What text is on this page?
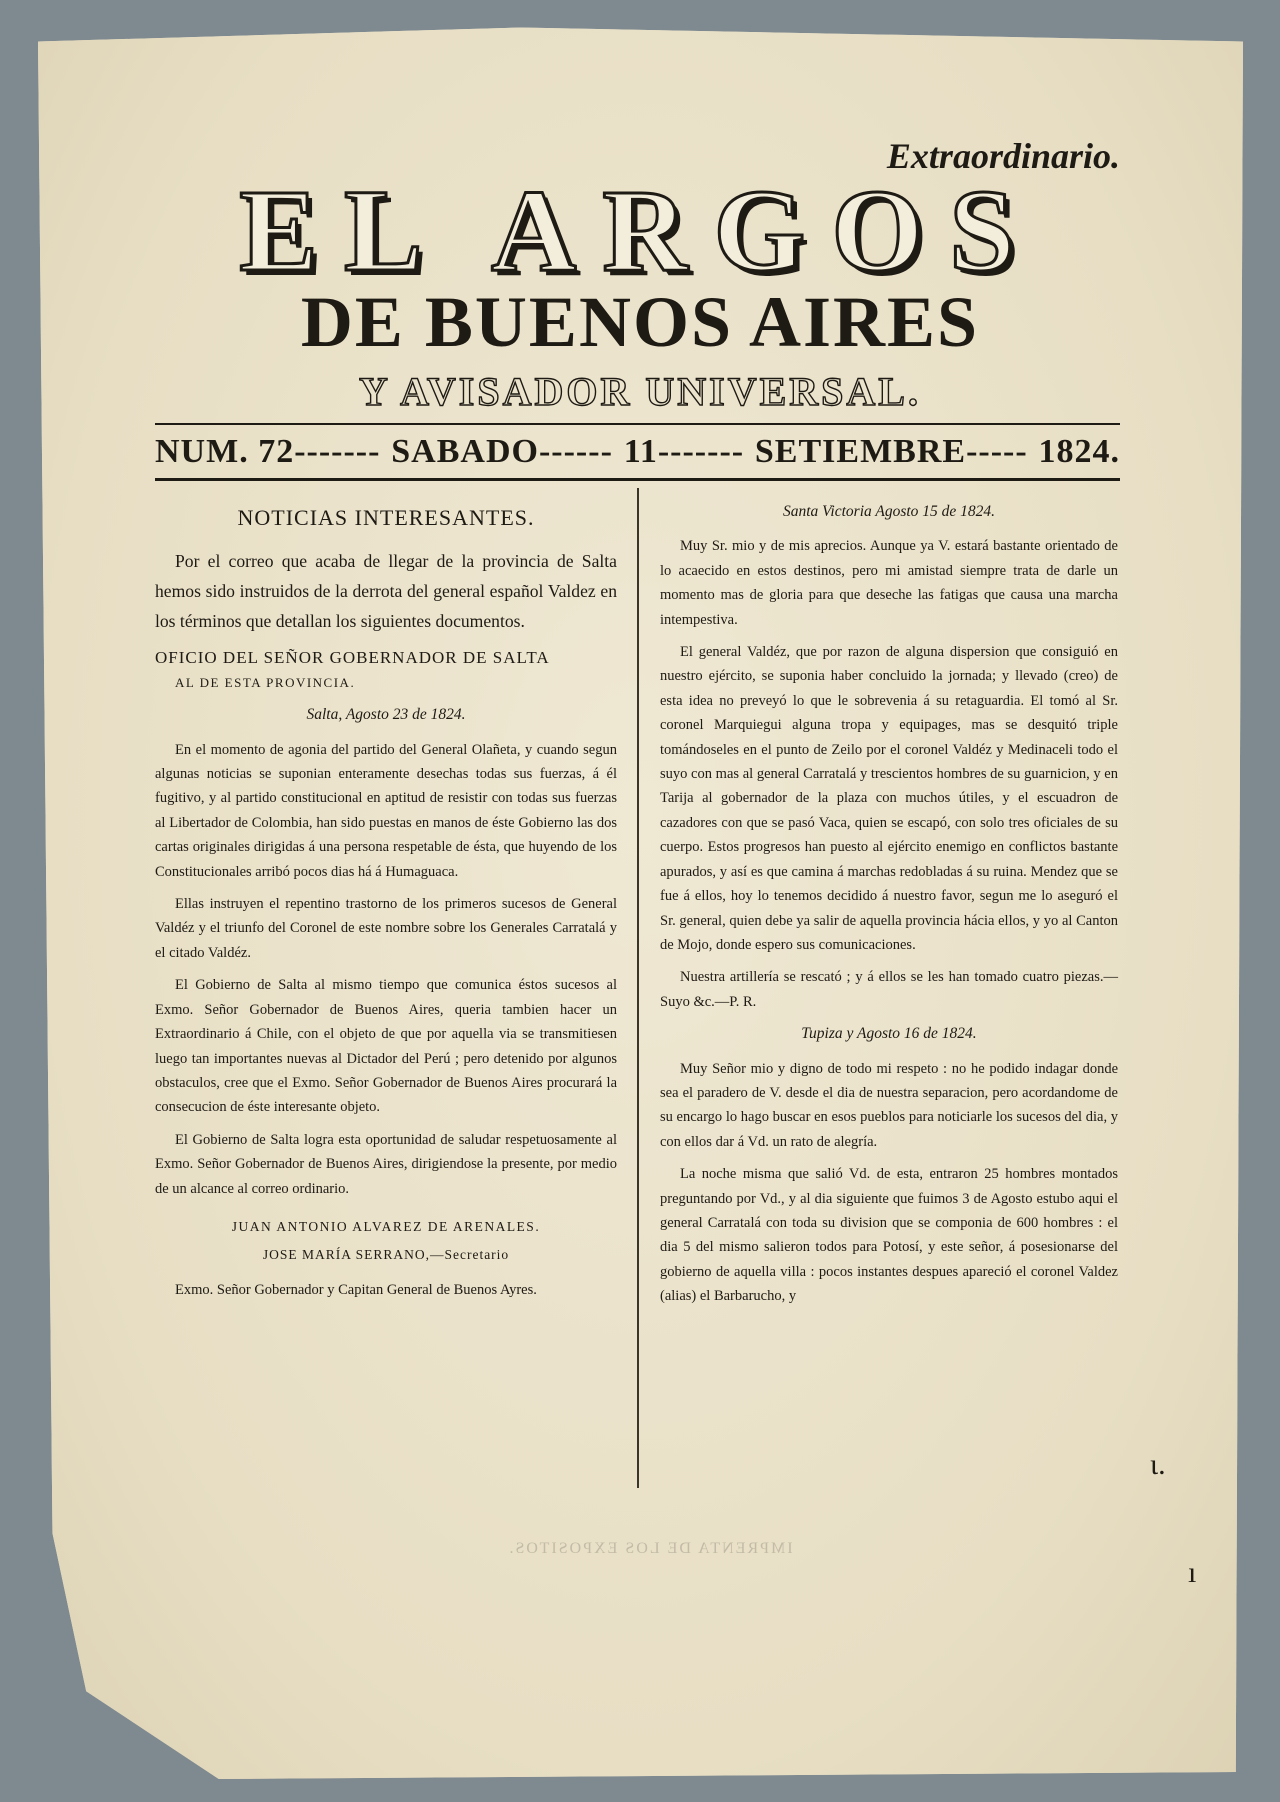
Extraordinario.
EL ARGOS
DE BUENOS AIRES
Y AVISADOR UNIVERSAL.
NUM. 72------- SABADO------ 11------- SETIEMBRE----- 1824.
NOTICIAS INTERESANTES.

Por el correo que acaba de llegar de la provincia de Salta hemos sido instruidos de la derrota del general español Valdez en los términos que detallan los siguientes documentos.

OFICIO DEL SEÑOR GOBERNADOR DE SALTA
AL DE ESTA PROVINCIA.
Salta, Agosto 23 de 1824.

En el momento de agonia del partido del General Olañeta, y cuando segun algunas noticias se suponian enteramente desechas todas sus fuerzas, á él fugitivo, y al partido constitucional en aptitud de resistir con todas sus fuerzas al Libertador de Colombia, han sido puestas en manos de éste Gobierno las dos cartas originales dirigidas á una persona respetable de ésta, que huyendo de los Constitucionales arribó pocos dias há á Humaguaca.

Ellas instruyen el repentino trastorno de los primeros sucesos de General Valdéz y el triunfo del Coronel de este nombre sobre los Generales Carratalá y el citado Valdéz.

El Gobierno de Salta al mismo tiempo que comunica éstos sucesos al Exmo. Señor Gobernador de Buenos Aires, queria tambien hacer un Extraordinario á Chile, con el objeto de que por aquella via se transmitiesen luego tan importantes nuevas al Dictador del Perú ; pero detenido por algunos obstaculos, cree que el Exmo. Señor Gobernador de Buenos Aires procurará la consecucion de éste interesante objeto.

El Gobierno de Salta logra esta oportunidad de saludar respetuosamente al Exmo. Señor Gobernador de Buenos Aires, dirigiendose la presente, por medio de un alcance al correo ordinario.

JUAN ANTONIO ALVAREZ DE ARENALES.
JOSE MARÍA SERRANO,—Secretario

Exmo. Señor Gobernador y Capitan General de Buenos Ayres.

Santa Victoria Agosto 15 de 1824.

Muy Sr. mio y de mis aprecios. Aunque ya V. estará bastante orientado de lo acaecido en estos destinos, pero mi amistad siempre trata de darle un momento mas de gloria para que deseche las fatigas que causa una marcha intempestiva.

El general Valdéz, que por razon de alguna dispersion que consiguió en nuestro ejército, se suponia haber concluido la jornada; y llevado (creo) de esta idea no preveyó lo que le sobrevenia á su retaguardia. El tomó al Sr. coronel Marquiegui alguna tropa y equipages, mas se desquitó triple tomándoseles en el punto de Zeilo por el coronel Valdéz y Medinaceli todo el suyo con mas al general Carratalá y trescientos hombres de su guarnicion, y en Tarija al gobernador de la plaza con muchos útiles, y el escuadron de cazadores con que se pasó Vaca, quien se escapó, con solo tres oficiales de su cuerpo. Estos progresos han puesto al ejército enemigo en conflictos bastante apurados, y así es que camina á marchas redobladas á su ruina. Mendez que se fue á ellos, hoy lo tenemos decidido á nuestro favor, segun me lo aseguró el Sr. general, quien debe ya salir de aquella provincia hácia ellos, y yo al Canton de Mojo, donde espero sus comunicaciones.

Nuestra artillería se rescató ; y á ellos se les han tomado cuatro piezas.—Suyo &c.—P. R.

Tupiza y Agosto 16 de 1824.

Muy Señor mio y digno de todo mi respeto : no he podido indagar donde sea el paradero de V. desde el dia de nuestra separacion, pero acordandome de su encargo lo hago buscar en esos pueblos para noticiarle los sucesos del dia, y con ellos dar á Vd. un rato de alegría.

La noche misma que salió Vd. de esta, entraron 25 hombres montados preguntando por Vd., y al dia siguiente que fuimos 3 de Agosto estubo aqui el general Carratalá con toda su division que se componia de 600 hombres : el dia 5 del mismo salieron todos para Potosí, y este señor, á posesionarse del gobierno de aquella villa : pocos instantes despues apareció el coronel Valdez (alias) el Barbarucho, y

IMPRENTA DE LOS EXPOSITOS.
ɩ.
ı
